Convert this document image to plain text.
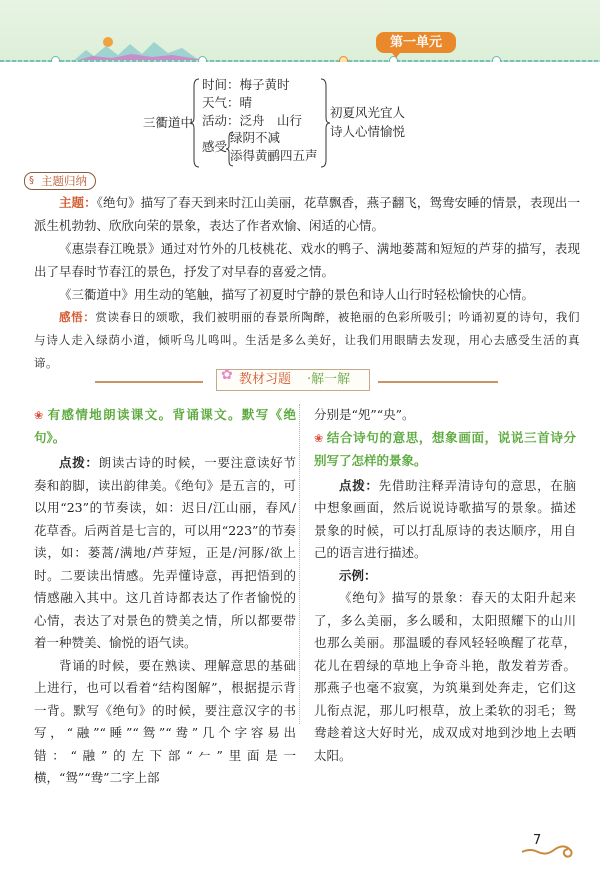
第一单元
三衢道中
时间：梅子黄时
天气：晴
活动：泛舟　山行
感受
绿阴不减
添得黄鹂四五声
初夏风光宜人
诗人心情愉悦
§ 主题归纳
主题：《绝句》描写了春天到来时江山美丽，花草飘香，燕子翻飞，鸳鸯安睡的情景，表现出一派生机勃勃、欣欣向荣的景象，表达了作者欢愉、闲适的心情。
《惠崇春江晚景》通过对竹外的几枝桃花、戏水的鸭子、满地蒌蒿和短短的芦芽的描写，表现出了早春时节春江的景色，抒发了对早春的喜爱之情。
《三衢道中》用生动的笔触，描写了初夏时宁静的景色和诗人山行时轻松愉快的心情。
感悟：赏读春日的颂歌，我们被明丽的春景所陶醉，被艳丽的色彩所吸引；吟诵初夏的诗句，我们与诗人走入绿荫小道，倾听鸟儿鸣叫。生活是多么美好，让我们用眼睛去发现，用心去感受生活的真谛。
✿ 教材习题 ·解一解
❀ 有感情地朗读课文。背诵课文。默写《绝句》。
点拨：朗读古诗的时候，一要注意读好节奏和韵脚，读出韵律美。《绝句》是五言的，可以用“23”的节奏读，如：迟日/江山丽，春风/花草香。后两首是七言的，可以用“223”的节奏读，如：蒌蒿/满地/芦芽短，正是/河豚/欲上时。二要读出情感。先弄懂诗意，再把悟到的情感融入其中。这几首诗都表达了作者愉悦的心情，表达了对景色的赞美之情，所以都要带着一种赞美、愉悦的语气读。
背诵的时候，要在熟读、理解意思的基础上进行，也可以看着“结构图解”，根据提示背一背。默写《绝句》的时候，要注意汉字的书写，“融”“睡”“鸳”“鸯”几个字容易出错：“融”的左下部“𠂉”里面是一横，“鸳”“鸯”二字上部
分别是“夗”“央”。
❀ 结合诗句的意思，想象画面，说说三首诗分别写了怎样的景象。
点拨：先借助注释弄清诗句的意思，在脑中想象画面，然后说说诗歌描写的景象。描述景象的时候，可以打乱原诗的表达顺序，用自己的语言进行描述。
示例：
《绝句》描写的景象：春天的太阳升起来了，多么美丽，多么暖和，太阳照耀下的山川也那么美丽。那温暖的春风轻轻唤醒了花草，花儿在碧绿的草地上争奇斗艳，散发着芳香。那燕子也毫不寂寞，为筑巢到处奔走，它们这儿衔点泥，那儿叼根草，放上柔软的羽毛；鸳鸯趁着这大好时光，成双成对地到沙地上去晒太阳。
7
